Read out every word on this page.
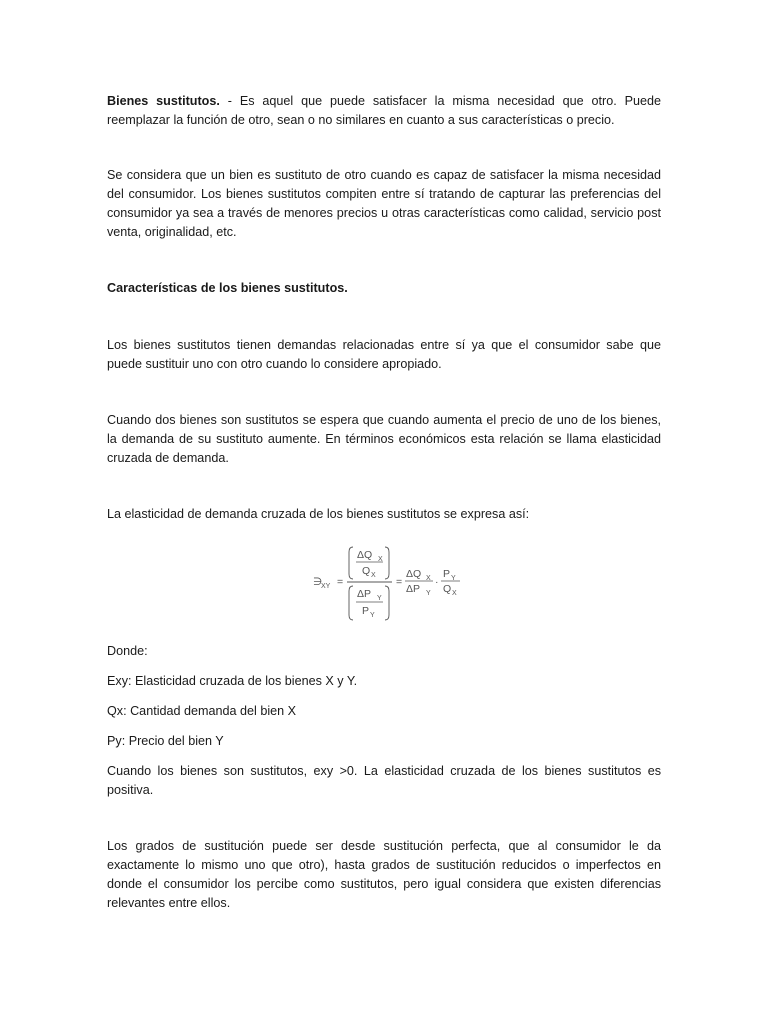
Bienes sustitutos. - Es aquel que puede satisfacer la misma necesidad que otro. Puede reemplazar la función de otro, sean o no similares en cuanto a sus características o precio.

Se considera que un bien es sustituto de otro cuando es capaz de satisfacer la misma necesidad del consumidor. Los bienes sustitutos compiten entre sí tratando de capturar las preferencias del consumidor ya sea a través de menores precios u otras características como calidad, servicio post venta, originalidad, etc.

Características de los bienes sustitutos.

Los bienes sustitutos tienen demandas relacionadas entre sí ya que el consumidor sabe que puede sustituir uno con otro cuando lo considere apropiado.

Cuando dos bienes son sustitutos se espera que cuando aumenta el precio de uno de los bienes, la demanda de su sustituto aumente. En términos económicos esta relación se llama elasticidad cruzada de demanda.

La elasticidad de demanda cruzada de los bienes sustitutos se expresa así:

∋
XY =
ΔQ X
Q X
ΔP Y
P Y
=
ΔQ X
ΔP Y
·
P Y
Q X

Donde:

Exy: Elasticidad cruzada de los bienes X y Y.

Qx: Cantidad demanda del bien X

Py: Precio del bien Y

Cuando los bienes son sustitutos, exy >0. La elasticidad cruzada de los bienes sustitutos es positiva.

Los grados de sustitución puede ser desde sustitución perfecta, que al consumidor le da exactamente lo mismo uno que otro), hasta grados de sustitución reducidos o imperfectos en donde el consumidor los percibe como sustitutos, pero igual considera que existen diferencias relevantes entre ellos.
